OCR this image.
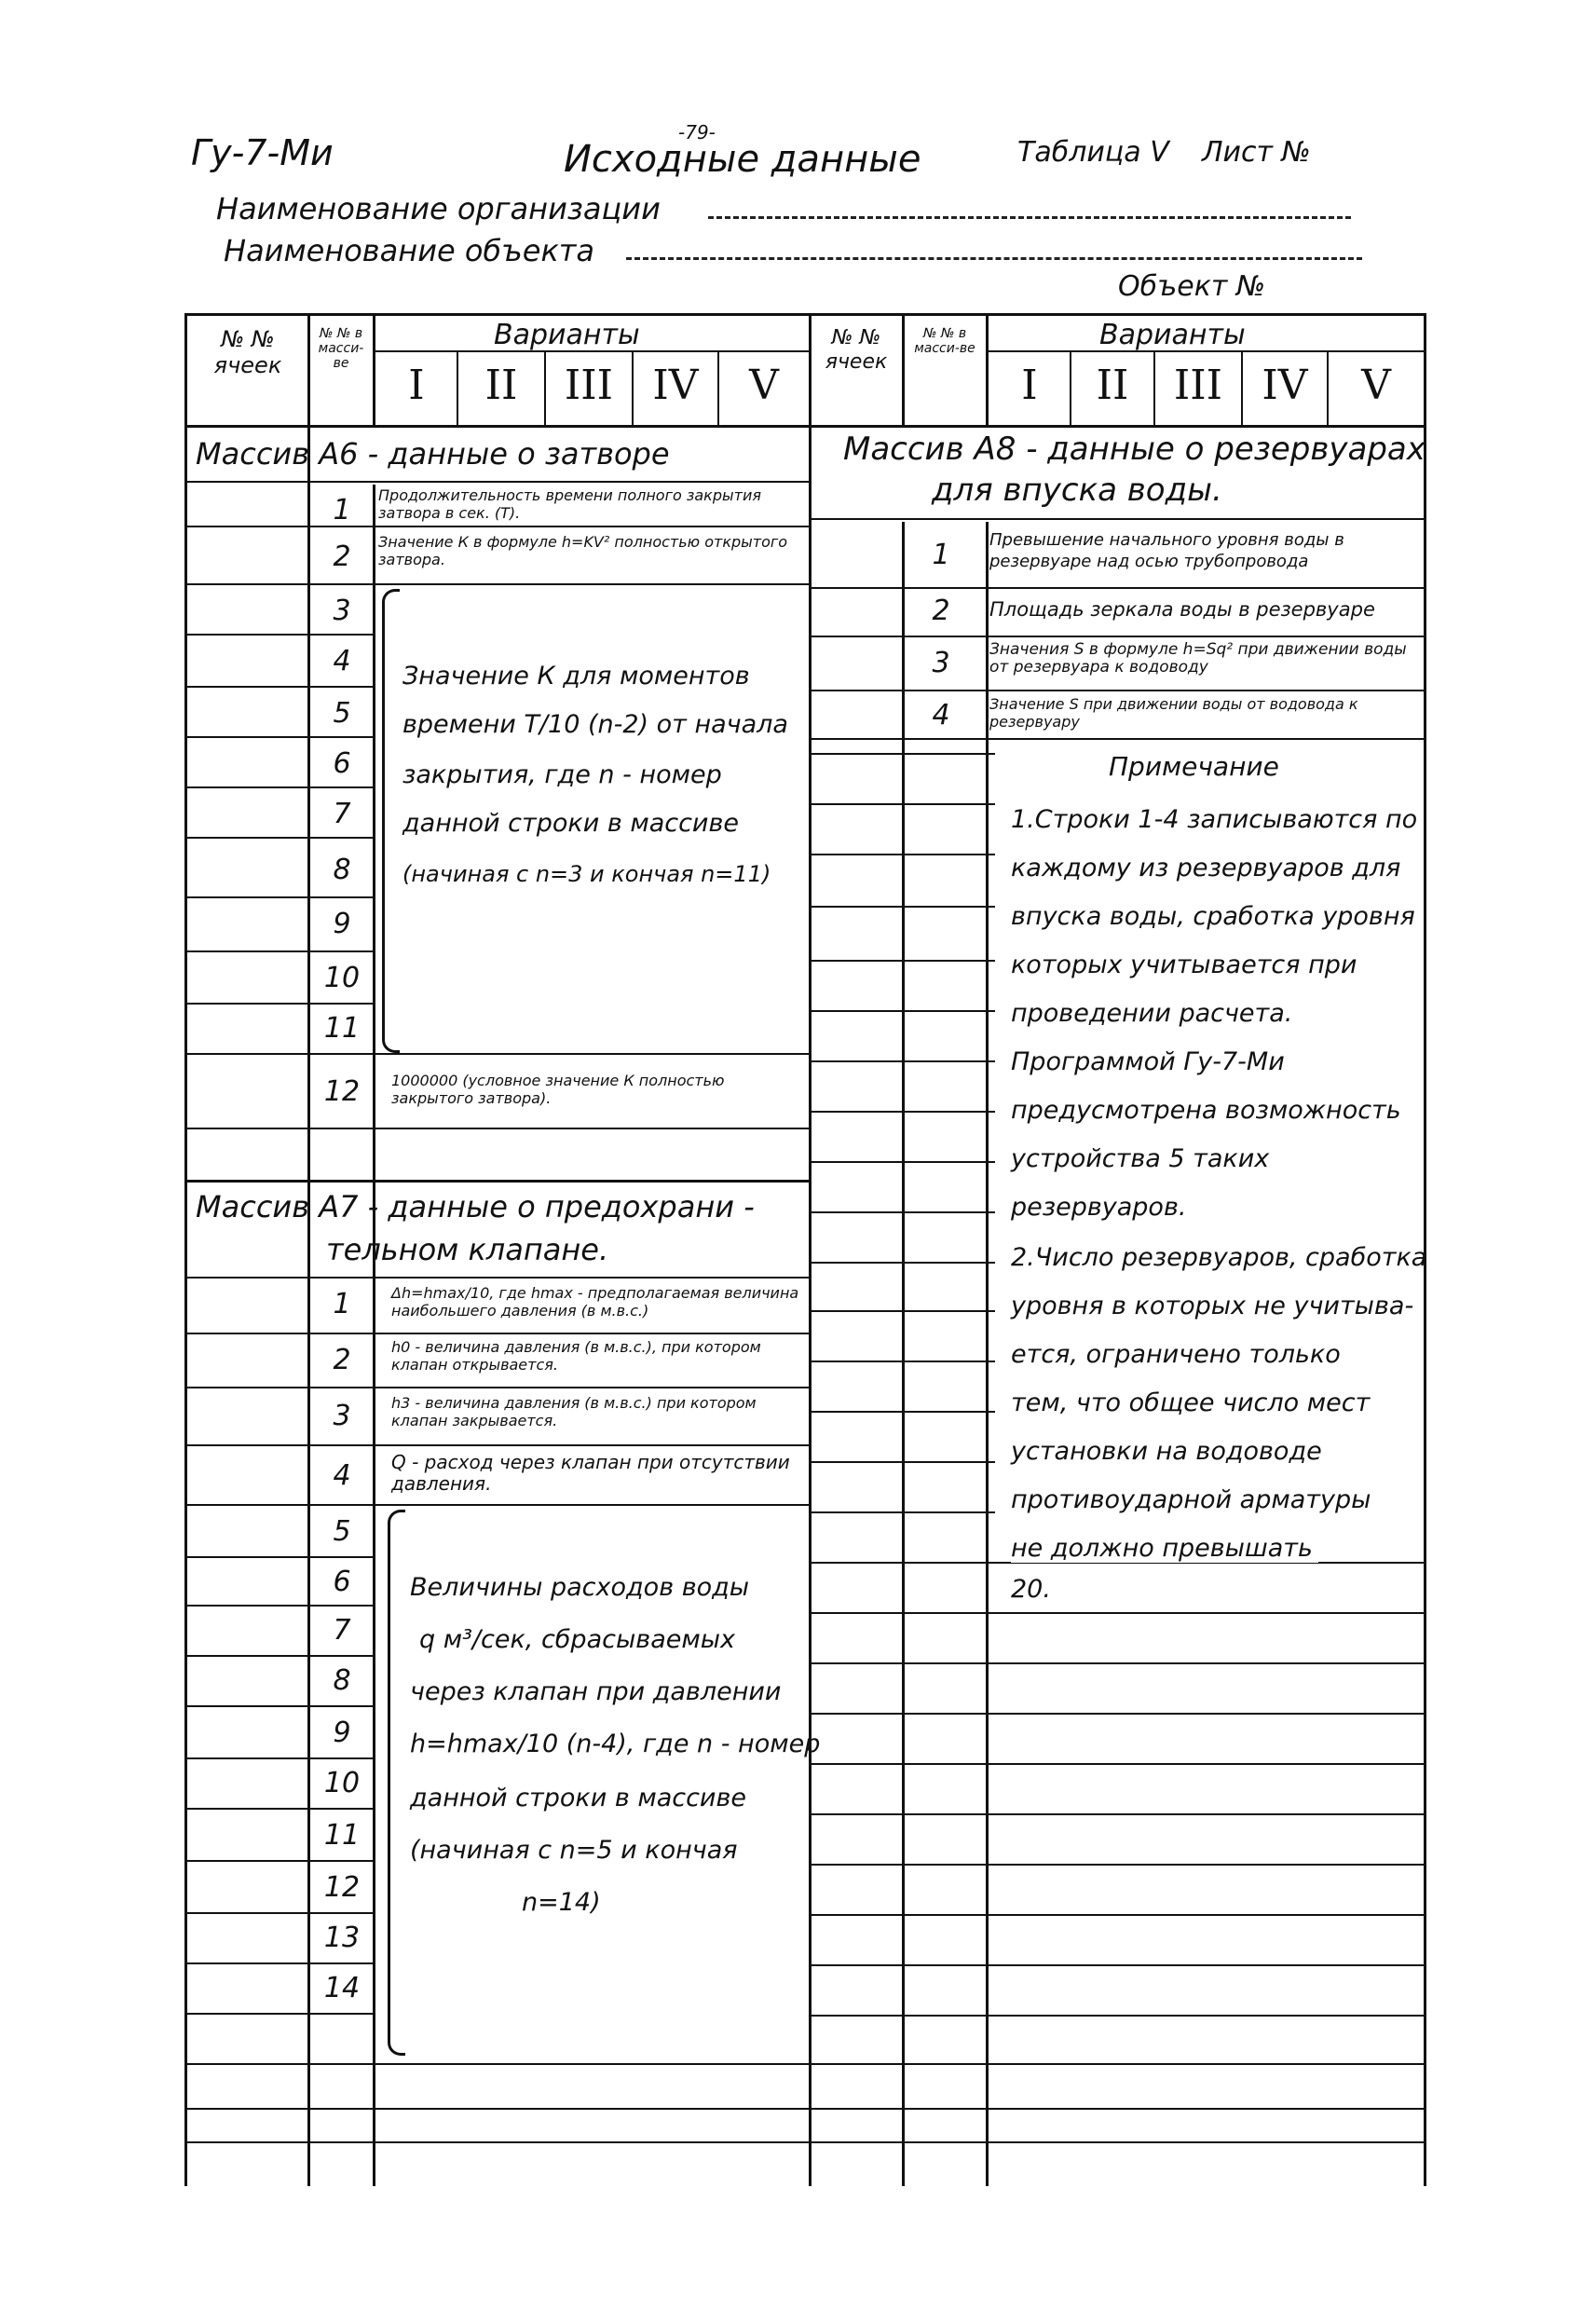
Гу-7-Ми	-79-
Исходные данные	Таблица V Лист №
Наименование организации
Наименование объекта
Объект №
№ № ячеек
№ № в масси-ве
Варианты
I	II	III IV	V
№ № ячеек
№ № в масси-ве	Варианты
I	II	III IV	V
Массив А6 - данные о затворе
1	Продолжительность времени полного закрытия затвора в сек. (Т).
2	Значение К в формуле h=KV² полностью открытого затвора.
3
4
5
6
7
8
9
10
11
Значение К для моментов
времени T/10 (n-2) от начала
закрытия, где n - номер
данной строки в массиве
(начиная с n=3 и кончая n=11)
12	1000000 (условное значение К полностью закрытого затвора).
Массив А7 - данные о предохрани -
тельном клапане.
1	Δh=hmax/10, где hmax - предполагаемая величина наибольшего давления (в м.в.с.)
2	h0 - величина давления (в м.в.с.), при котором клапан открывается.
3	h3 - величина давления (в м.в.с.) при котором клапан закрывается.
4	Q - расход через клапан при отсутствии давления.
5
6
7
8
9
10
11
12
13
14
Величины расходов воды
q м³/сек, сбрасываемых
через клапан при давлении
h=hmax/10 (n-4), где n - номер
данной строки в массиве
(начиная с n=5 и кончая
n=14)
Массив А8 - данные о резервуарах
для впуска воды.
1	Превышение начального уровня воды в резервуаре над осью трубопровода
2	Площадь зеркала воды в резервуаре
3	Значения S в формуле h=Sq² при движении воды от резервуара к водоводу
4	Значение S при движении воды от водовода к резервуару
Примечание
1.Строки 1-4 записываются по
каждому из резервуаров для
впуска воды, сработка уровня
которых учитывается при
проведении расчета.
Программой Гу-7-Ми
предусмотрена возможность
устройства 5 таких
резервуаров.
2.Число резервуаров, сработка
уровня в которых не учитыва-
ется, ограничено только
тем, что общее число мест
установки на водоводе
противоударной арматуры
не должно превышать
20.
